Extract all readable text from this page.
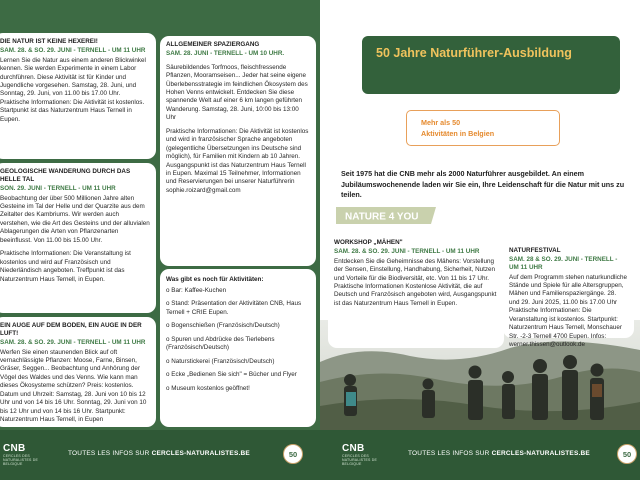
DIE NATUR IST KEINE HEXEREI!
SAM. 28. & SO. 29. JUNI - TERNELL - UM 11 UHR

Lernen Sie die Natur aus einem anderen Blickwinkel kennen. Sie werden Experimente in einem Labor durchführen. Diese Aktivität ist für Kinder und Jugendliche vorgesehen. Samstag, 28. Juni, und Sonntag, 29. Juni, von 11.00 bis 17.00 Uhr. Praktische Informationen: Die Aktivität ist kostenlos. Startpunkt ist das Naturzentrum Haus Ternell in Eupen.

GEOLOGISCHE WANDERUNG DURCH DAS HELLE TAL
SON. 29. JUNI - TERNELL - UM 11 UHR

Beobachtung der über 500 Millionen Jahre alten Gesteine im Tal der Helle und der Quarzite aus dem Zeitalter des Kambriums. Wir werden auch verstehen, wie die Art des Gesteins und der alluvialen Ablagerungen die Arten von Pflanzenarten beeinflusst. Von 11.00 bis 15.00 Uhr.

Praktische Informationen: Die Veranstaltung ist kostenlos und wird auf Französisch und Niederländisch angeboten. Treffpunkt ist das Naturzentrum Haus Ternell, in Eupen.

EIN AUGE AUF DEM BODEN, EIN AUGE IN DER LUFT!
SAM. 28. & SO. 29. JUNI - TERNELL - UM 11 UHR

Werfen Sie einen staunenden Blick auf oft vernachlässigte Pflanzen: Moose, Farne, Binsen, Gräser, Seggen... Beobachtung und Anhörung der Vögel des Waldes und des Venns. Wie kann man dieses Ökosysteme schützen? Preis: kostenlos. Datum und Uhrzeit: Samstag, 28. Juni von 10 bis 12 Uhr und von 14 bis 16 Uhr. Sonntag, 29. Juni von 10 bis 12 Uhr und von 14 bis 16 Uhr. Startpunkt: Naturzentrum Haus Ternell, in Eupen

ALLGEMEINER SPAZIERGANG
SAM. 28. JUNI - TERNELL - UM 10 UHR.

Säurebildendes Torfmoos, fleischfressende Pflanzen, Mooramseisen... Jeder hat seine eigene Überlebensstrategie im feindlichen Ökosystem des Hohen Venns entwickelt. Entdecken Sie diese spannende Welt auf einer 6 km langen geführten Wanderung. Samstag, 28. Juni, 10:00 bis 13:00 Uhr

Praktische Informationen: Die Aktivität ist kostenlos und wird in französischer Sprache angeboten (gelegentliche Übersetzungen ins Deutsche sind möglich), für Familien mit Kindern ab 10 Jahren. Ausgangspunkt ist das Naturzentrum Haus Ternell in Eupen. Maximal 15 Teilnehmer, Informationen und Reservierungen bei unserer Naturführerin sophie.roizard@gmail.com

Was gibt es noch für Aktivitäten:
o Bar: Kaffee-Kuchen
o Stand: Präsentation der Aktivitäten CNB, Haus Ternell + CRIE Eupen.
o Bogenschießen (Französisch/Deutsch)
o Spuren und Abdrücke des Tierlebens (Französisch/Deutsch)
o Naturstickerei (Französisch/Deutsch)
o Ecke „Bedienen Sie sich" = Bücher und Flyer
o Museum kostenlos geöffnet!
CNB
CERCLES DES NATURALISTES DE BELGIQUE
TOUTES LES INFOS SUR CERCLES-NATURALISTES.BE	50
50 Jahre Naturführer-Ausbildung
Mehr als 50
Aktivitäten in Belgien
Seit 1975 hat die CNB mehr als 2000 Naturführer ausgebildet. An einem Jubiläumswochenende laden wir Sie ein, Ihre Leidenschaft für die Natur mit uns zu teilen.
NATURE 4 YOU
WORKSHOP „MÄHEN"
SAM. 28. & SO. 29. JUNI - TERNELL - UM 11 UHR

Entdecken Sie die Geheimnisse des Mähens: Vorstellung der Sensen, Einstellung, Handhabung, Sicherheit, Nutzen und Vorteile für die Biodiversität, etc. Von 11 bis 17 Uhr. Praktische Informationen Kostenlose Aktivität, die auf Deutsch und Französisch angeboten wird, Ausgangspunkt ist das Naturzentrum Haus Ternell in Eupen.

NATURFESTIVAL
SAM. 28 & SO. 29. JUNI - TERNELL - UM 11 UHR

Auf dem Programm stehen naturkundliche Stände und Spiele für alle Altersgruppen, Mähen und Familienspaziergänge. 28. und 29. Juni 2025, 11.00 bis 17.00 Uhr Praktische Informationen: Die Veranstaltung ist kostenlos. Startpunkt: Naturzentrum Haus Ternell, Monschauer Str. -2-3 Ternell 4700 Eupen. Infos: werner.thissen@outlook.de

CNB
CERCLES DES NATURALISTES DE BELGIQUE
TOUTES LES INFOS SUR CERCLES-NATURALISTES.BE	50
